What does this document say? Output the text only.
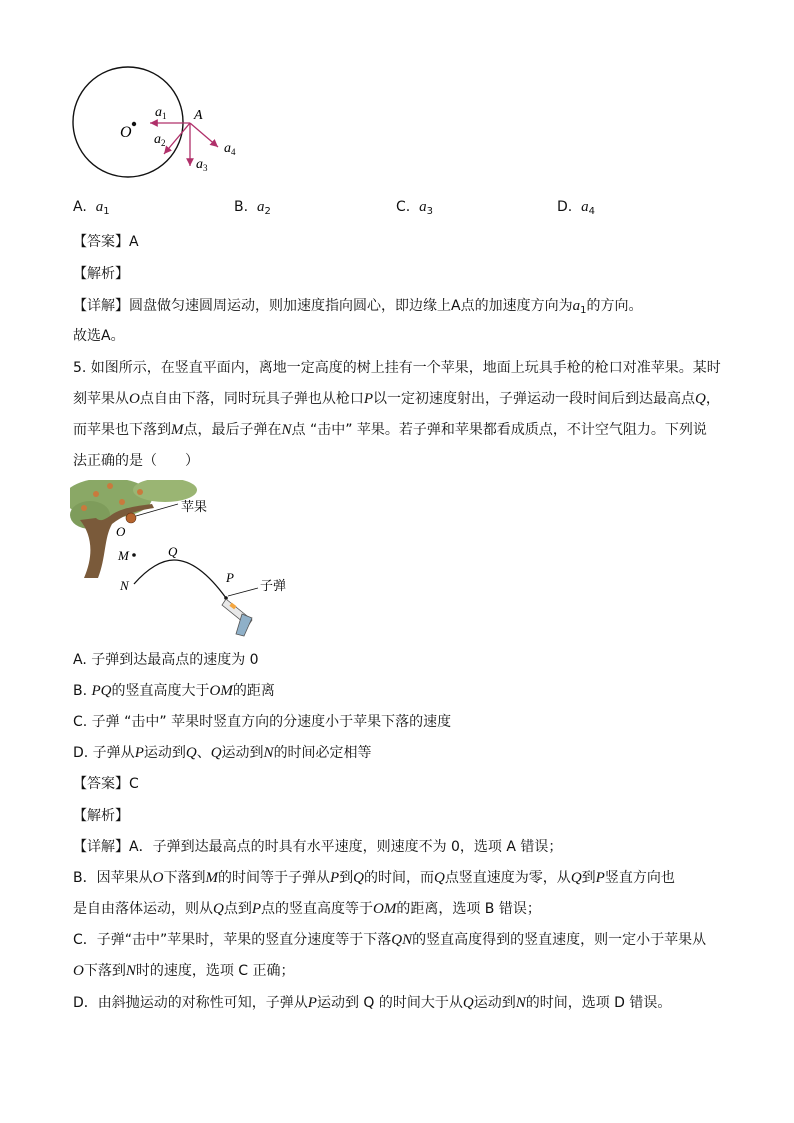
O
A
$a_1$
$a_2$
$a_3$
$a_4$
A. $a_1$	B. $a_2$	C. $a_3$	D. $a_4$
【答案】A
【解析】
【详解】圆盘做匀速圆周运动，则加速度指向圆心，即边缘上A点的加速度方向为$a_1$的方向。
故选A。
5. 如图所示，在竖直平面内，离地一定高度的树上挂有一个苹果，地面上玩具手枪的枪口对准苹果。某时
刻苹果从O点自由下落，同时玩具子弹也从枪口P以一定初速度射出，子弹运动一段时间后到达最高点Q，
而苹果也下落到M点，最后子弹在N点 “击中” 苹果。若子弹和苹果都看成质点，不计空气阻力。下列说
法正确的是（　　）
苹果
O
M	Q
N
P
子弹
A. 子弹到达最高点的速度为 0
B. PQ的竖直高度大于OM的距离
C. 子弹 “击中” 苹果时竖直方向的分速度小于苹果下落的速度
D. 子弹从P运动到Q、Q运动到N的时间必定相等
【答案】C
【解析】
【详解】A．子弹到达最高点的时具有水平速度，则速度不为 0，选项 A 错误；
B．因苹果从O下落到M的时间等于子弹从P到Q的时间，而Q点竖直速度为零，从Q到P竖直方向也
是自由落体运动，则从Q点到P点的竖直高度等于OM的距离，选项 B 错误；
C．子弹“击中”苹果时，苹果的竖直分速度等于下落QN的竖直高度得到的竖直速度，则一定小于苹果从
O下落到N时的速度，选项 C 正确；
D．由斜抛运动的对称性可知，子弹从P运动到 Q 的时间大于从Q运动到N的时间，选项 D 错误。
